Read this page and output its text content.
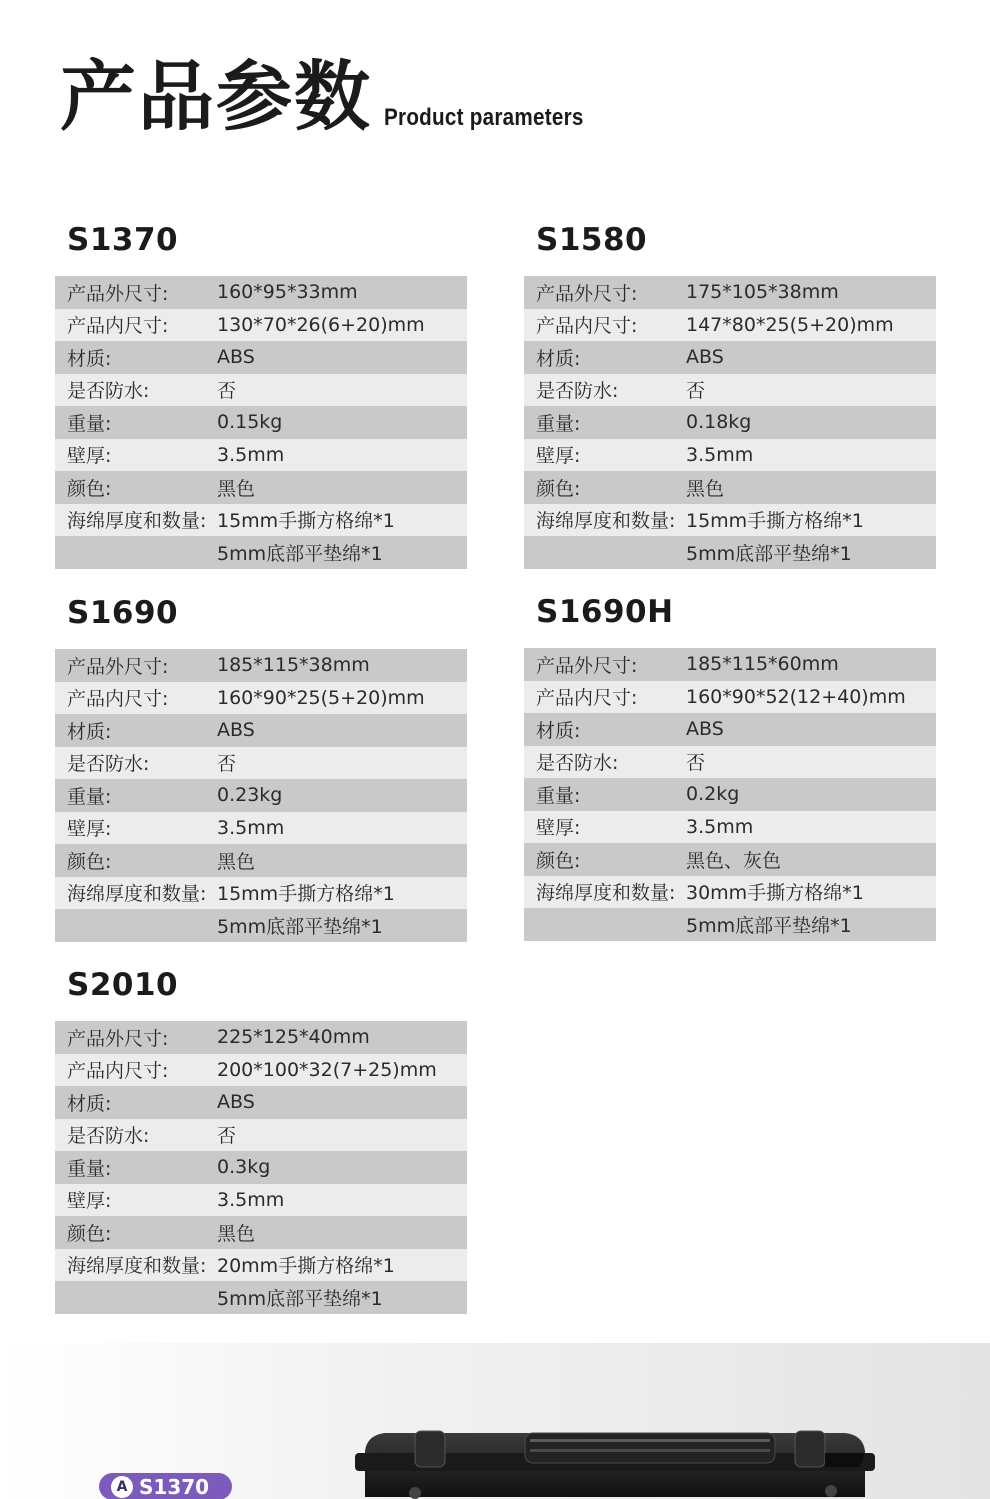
产品参数 Product parameters
S1370
产品外尺寸:	160*95*33mm
产品内尺寸:	130*70*26(6+20)mm
材质:	ABS
是否防水:	否
重量:	0.15kg
壁厚:	3.5mm
颜色:	黑色
海绵厚度和数量: 15mm手撕方格绵*1
5mm底部平垫绵*1
S1580
产品外尺寸:	175*105*38mm
产品内尺寸:	147*80*25(5+20)mm
材质:	ABS
是否防水:	否
重量:	0.18kg
壁厚:	3.5mm
颜色:	黑色
海绵厚度和数量: 15mm手撕方格绵*1
5mm底部平垫绵*1
S1690
产品外尺寸:	185*115*38mm
产品内尺寸:	160*90*25(5+20)mm
材质:	ABS
是否防水:	否
重量:	0.23kg
壁厚:	3.5mm
颜色:	黑色
海绵厚度和数量: 15mm手撕方格绵*1
5mm底部平垫绵*1
S1690H
产品外尺寸:	185*115*60mm
产品内尺寸:	160*90*52(12+40)mm
材质:	ABS
是否防水:	否
重量:	0.2kg
壁厚:	3.5mm
颜色:	黑色、灰色
海绵厚度和数量: 30mm手撕方格绵*1
5mm底部平垫绵*1
S2010
产品外尺寸:	225*125*40mm
产品内尺寸:	200*100*32(7+25)mm
材质:	ABS
是否防水:	否
重量:	0.3kg
壁厚:	3.5mm
颜色:	黑色
海绵厚度和数量: 20mm手撕方格绵*1
5mm底部平垫绵*1
A S1370
